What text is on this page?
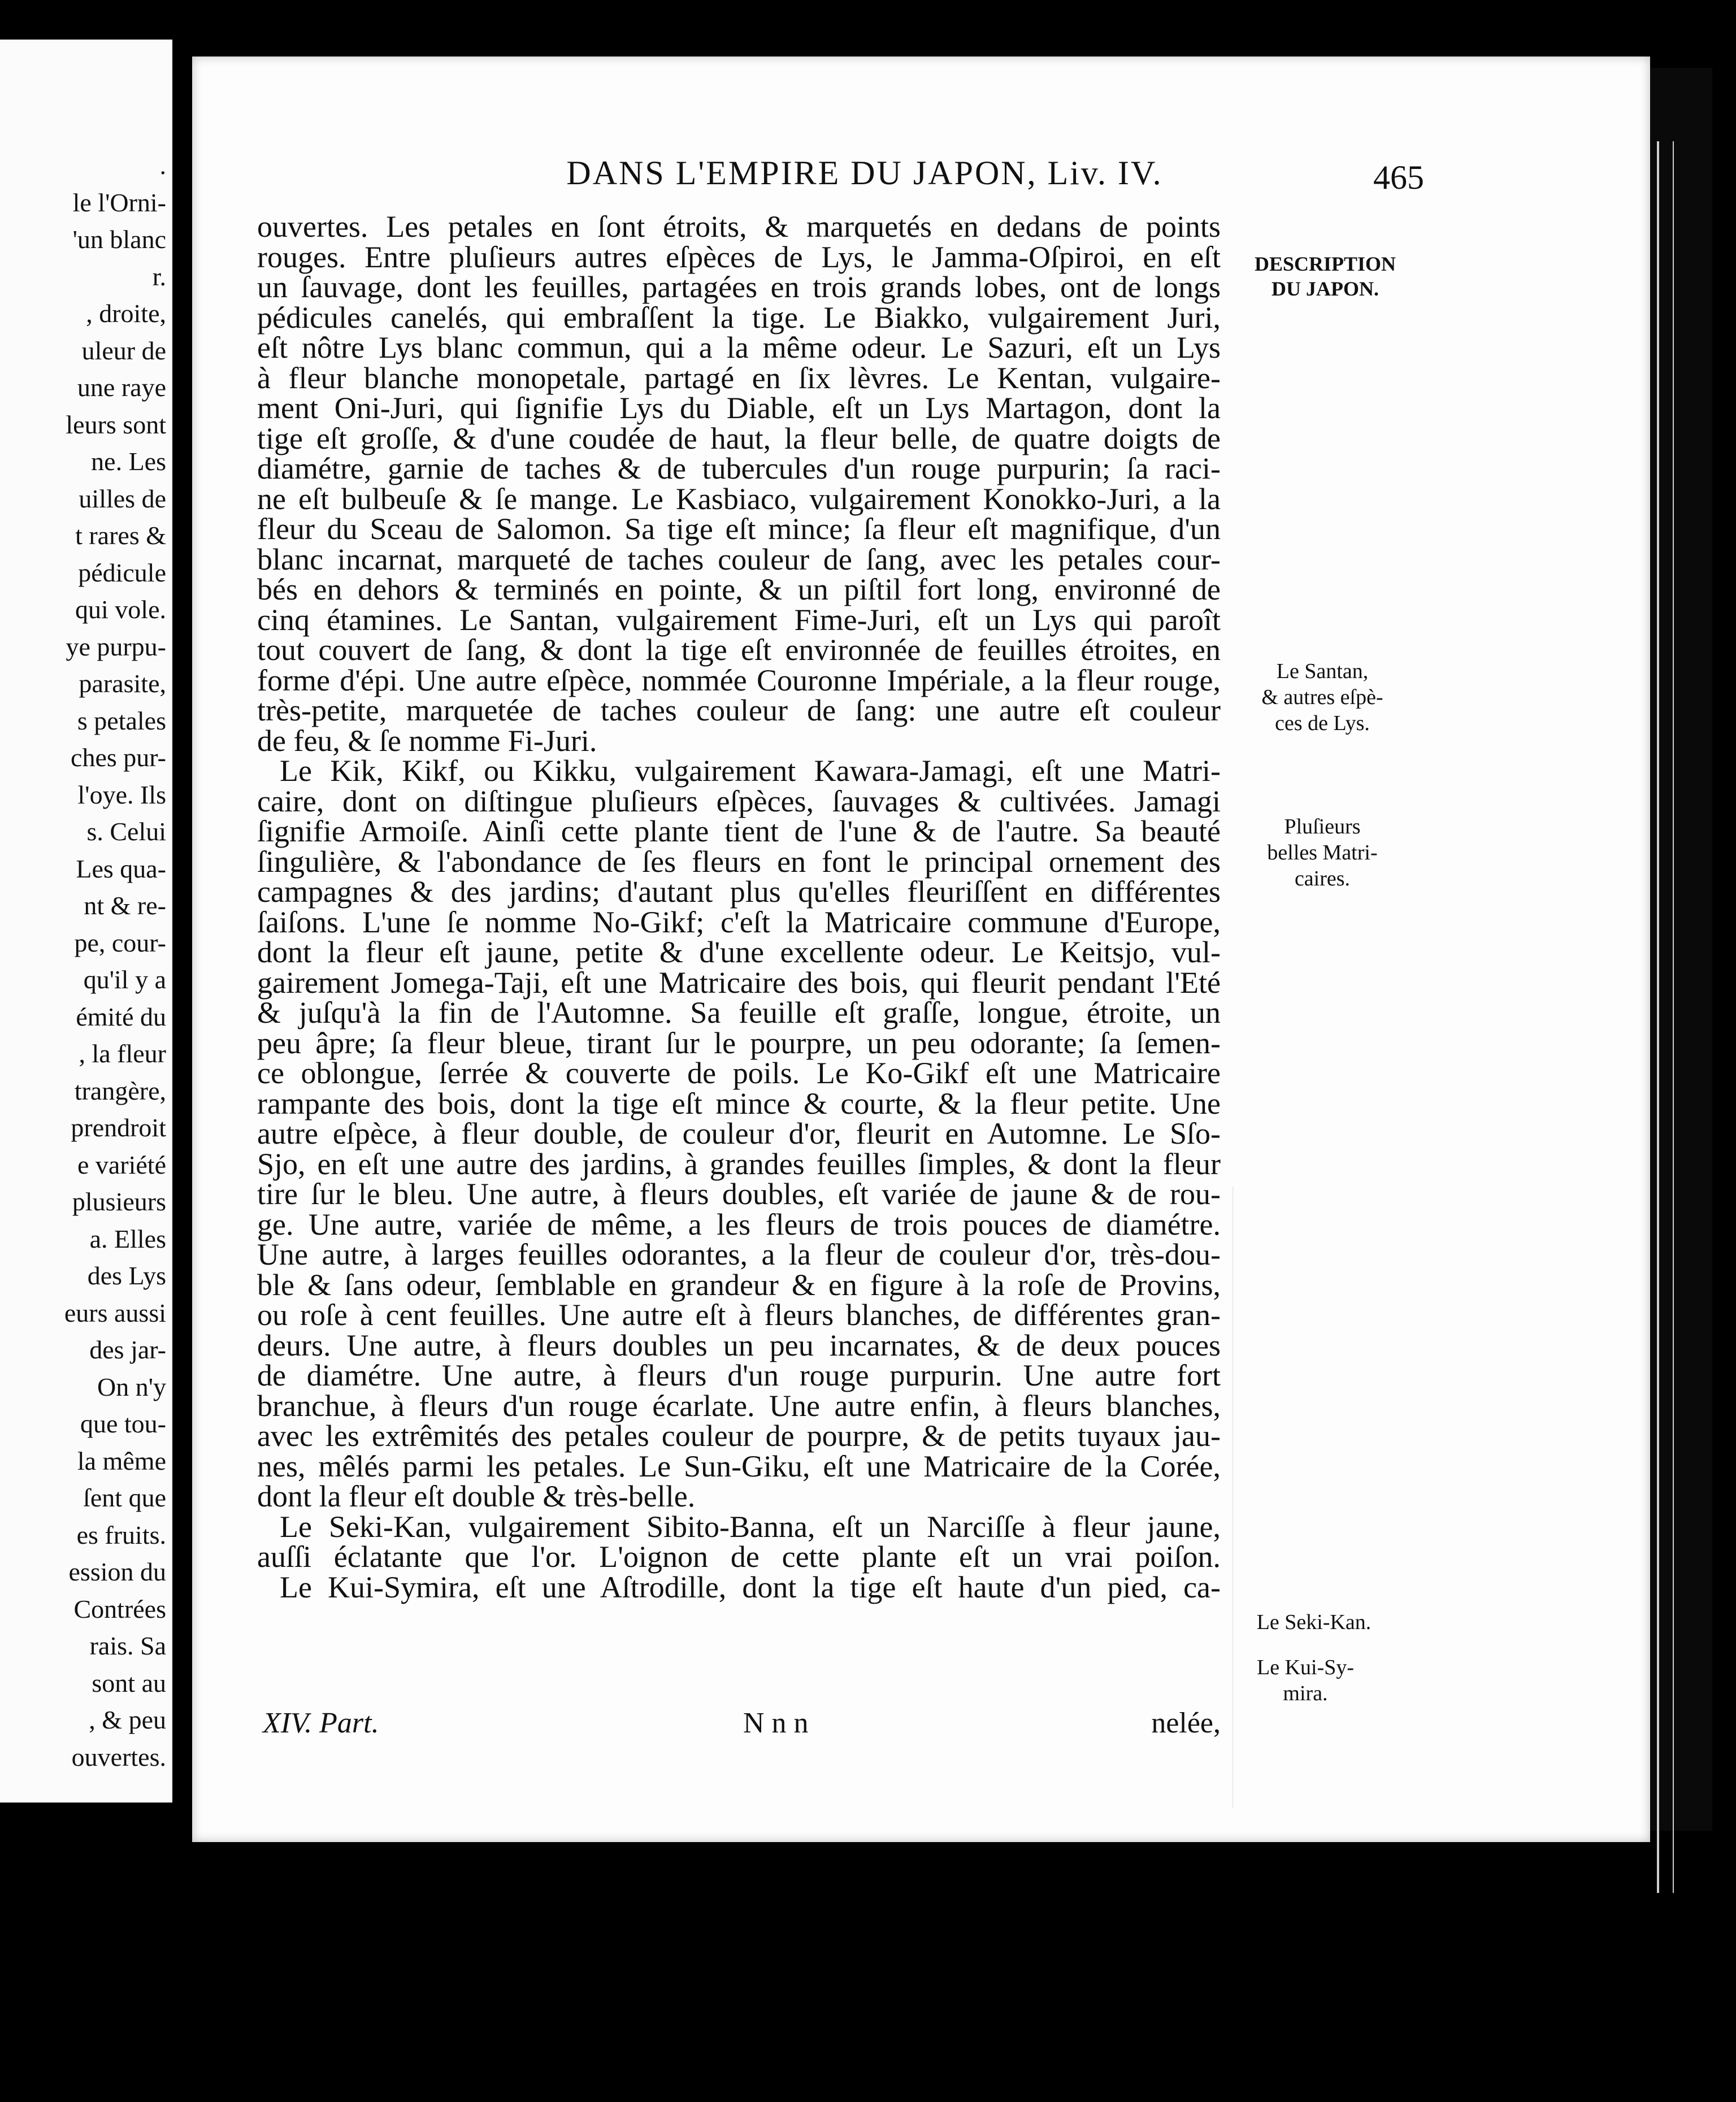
.
le l'Orni-
'un blanc
r.
, droite,
uleur de
une raye
leurs sont
ne. Les
uilles de
t rares &
pédicule
qui vole.
ye purpu-
parasite,
s petales
ches pur-
l'oye. Ils
s. Celui
Les qua-
nt & re-
pe, cour-
qu'il y a
émité du
, la fleur
trangère,
prendroit
e variété
plusieurs
a. Elles
des Lys
eurs aussi
des jar-
On n'y
que tou-
la même
ſent que
es fruits.
ession du
Contrées
rais. Sa
sont au
, & peu
ouvertes.
DANS L'EMPIRE DU JAPON, Liv. IV.	465
ouvertes. Les petales en ſont étroits, & marquetés en dedans de points
rouges. Entre pluſieurs autres eſpèces de Lys, le Jamma-Oſpiroi, en eſt
un ſauvage, dont les feuilles, partagées en trois grands lobes, ont de longs
pédicules canelés, qui embraſſent la tige. Le Biakko, vulgairement Juri,
eſt nôtre Lys blanc commun, qui a la même odeur. Le Sazuri, eſt un Lys
à fleur blanche monopetale, partagé en ſix lèvres. Le Kentan, vulgaire-
ment Oni-Juri, qui ſignifie Lys du Diable, eſt un Lys Martagon, dont la
tige eſt groſſe, & d'une coudée de haut, la fleur belle, de quatre doigts de
diamétre, garnie de taches & de tubercules d'un rouge purpurin; ſa raci-
ne eſt bulbeuſe & ſe mange. Le Kasbiaco, vulgairement Konokko-Juri, a la
fleur du Sceau de Salomon. Sa tige eſt mince; ſa fleur eſt magnifique, d'un
blanc incarnat, marqueté de taches couleur de ſang, avec les petales cour-
bés en dehors & terminés en pointe, & un piſtil fort long, environné de
cinq étamines. Le Santan, vulgairement Fime-Juri, eſt un Lys qui paroît
tout couvert de ſang, & dont la tige eſt environnée de feuilles étroites, en
forme d'épi. Une autre eſpèce, nommée Couronne Impériale, a la fleur rouge,
très-petite, marquetée de taches couleur de ſang: une autre eſt couleur
de feu, & ſe nomme Fi-Juri.
Le Kik, Kikf, ou Kikku, vulgairement Kawara-Jamagi, eſt une Matri-
caire, dont on diſtingue pluſieurs eſpèces, ſauvages & cultivées. Jamagi
ſignifie Armoiſe. Ainſi cette plante tient de l'une & de l'autre. Sa beauté
ſingulière, & l'abondance de ſes fleurs en font le principal ornement des
campagnes & des jardins; d'autant plus qu'elles fleuriſſent en différentes
ſaiſons. L'une ſe nomme No-Gikf; c'eſt la Matricaire commune d'Europe,
dont la fleur eſt jaune, petite & d'une excellente odeur. Le Keitsjo, vul-
gairement Jomega-Taji, eſt une Matricaire des bois, qui fleurit pendant l'Eté
& juſqu'à la fin de l'Automne. Sa feuille eſt graſſe, longue, étroite, un
peu âpre; ſa fleur bleue, tirant ſur le pourpre, un peu odorante; ſa ſemen-
ce oblongue, ſerrée & couverte de poils. Le Ko-Gikf eſt une Matricaire
rampante des bois, dont la tige eſt mince & courte, & la fleur petite. Une
autre eſpèce, à fleur double, de couleur d'or, fleurit en Automne. Le Sſo-
Sjo, en eſt une autre des jardins, à grandes feuilles ſimples, & dont la fleur
tire ſur le bleu. Une autre, à fleurs doubles, eſt variée de jaune & de rou-
ge. Une autre, variée de même, a les fleurs de trois pouces de diamétre.
Une autre, à larges feuilles odorantes, a la fleur de couleur d'or, très-dou-
ble & ſans odeur, ſemblable en grandeur & en figure à la roſe de Provins,
ou roſe à cent feuilles. Une autre eſt à fleurs blanches, de différentes gran-
deurs. Une autre, à fleurs doubles un peu incarnates, & de deux pouces
de diamétre. Une autre, à fleurs d'un rouge purpurin. Une autre fort
branchue, à fleurs d'un rouge écarlate. Une autre enfin, à fleurs blanches,
avec les extrêmités des petales couleur de pourpre, & de petits tuyaux jau-
nes, mêlés parmi les petales. Le Sun-Giku, eſt une Matricaire de la Corée,
dont la fleur eſt double & très-belle.
Le Seki-Kan, vulgairement Sibito-Banna, eſt un Narciſſe à fleur jaune,
auſſi éclatante que l'or. L'oignon de cette plante eſt un vrai poiſon.
Le Kui-Symira, eſt une Aſtrodille, dont la tige eſt haute d'un pied, ca-
XIV. Part.	N n n	nelée,
DESCRIPTION DU JAPON.
Le Santan,
& autres eſpè-
ces de Lys.
Pluſieurs
belles Matri-
caires.
Le Seki-Kan.
Le Kui-Sy-
mira.
